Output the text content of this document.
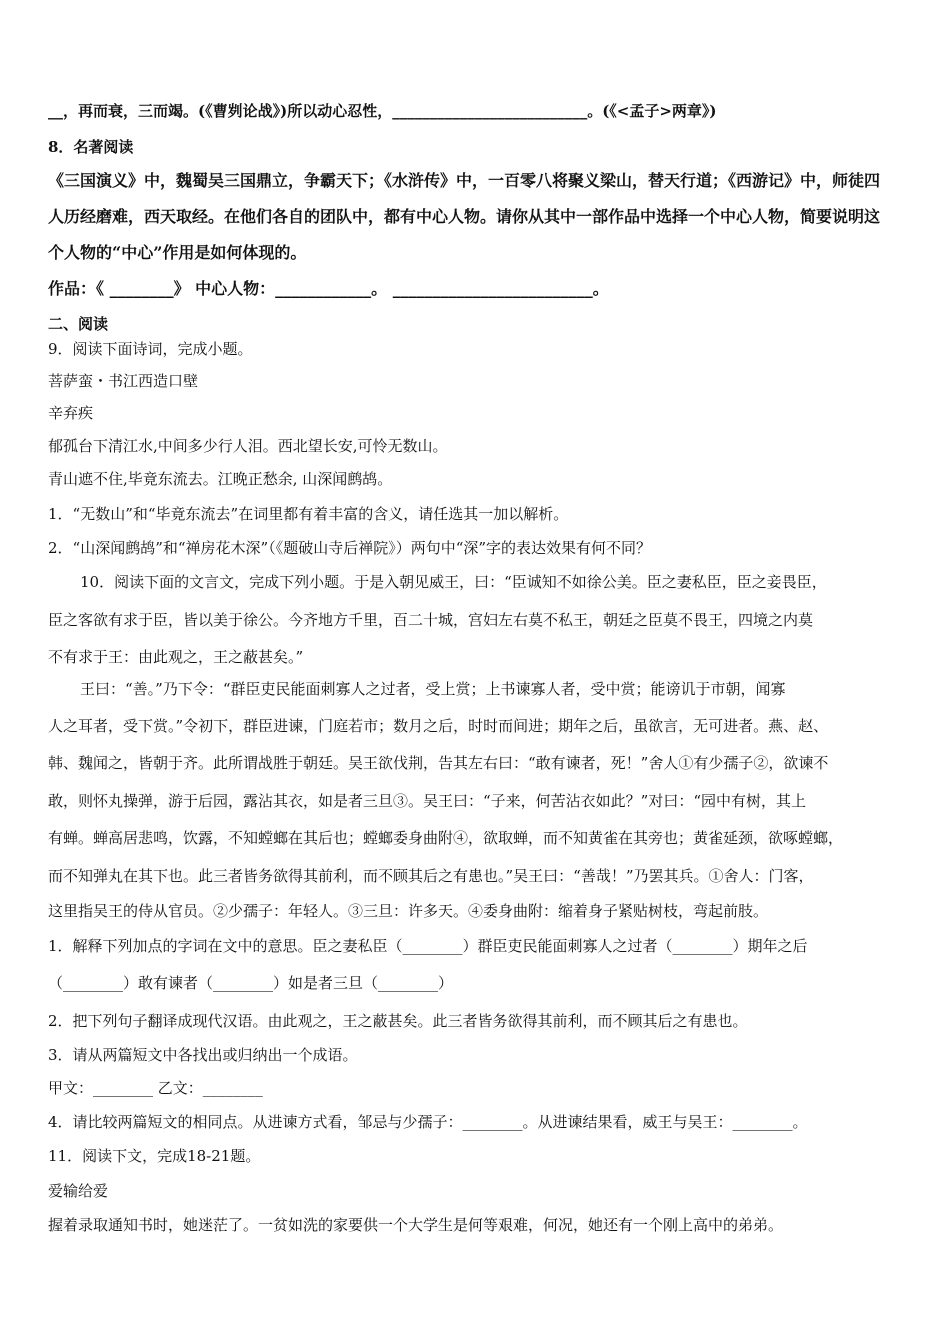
__，再而衰，三而竭。(《曹刿论战》)所以动心忍性，__________________________。(《<孟子>两章》)
8．名著阅读
《三国演义》中，魏蜀吴三国鼎立，争霸天下；《水浒传》中，一百零八将聚义梁山，替天行道；《西游记》中，师徒四
人历经磨难，西天取经。在他们各自的团队中，都有中心人物。请你从其中一部作品中选择一个中心人物，简要说明这
个人物的“中心”作用是如何体现的。
作品：《 ________》 中心人物：____________。 _________________________。
二、阅读
9．阅读下面诗词，完成小题。
菩萨蛮・书江西造口壁
辛弃疾
郁孤台下清江水,中间多少行人泪。西北望长安,可怜无数山。
青山遮不住,毕竟东流去。江晚正愁余, 山深闻鹧鸪。
1．“无数山”和“毕竟东流去”在词里都有着丰富的含义，请任选其一加以解析。
2．“山深闻鹧鸪”和“禅房花木深”（《题破山寺后禅院》）两句中“深”字的表达效果有何不同？
10．阅读下面的文言文，完成下列小题。于是入朝见威王，曰：“臣诚知不如徐公美。臣之妻私臣，臣之妾畏臣，
臣之客欲有求于臣，皆以美于徐公。今齐地方千里，百二十城，宫妇左右莫不私王，朝廷之臣莫不畏王，四境之内莫
不有求于王：由此观之，王之蔽甚矣。”
王曰：“善。”乃下令：“群臣吏民能面刺寡人之过者，受上赏；上书谏寡人者，受中赏；能谤讥于市朝，闻寡
人之耳者，受下赏。”令初下，群臣进谏，门庭若市；数月之后，时时而间进；期年之后，虽欲言，无可进者。燕、赵、
韩、魏闻之，皆朝于齐。此所谓战胜于朝廷。吴王欲伐荆，告其左右曰：“敢有谏者，死！”舍人①有少孺子②，欲谏不
敢，则怀丸操弹，游于后园，露沾其衣，如是者三旦③。吴王曰：“子来，何苦沾衣如此？”对曰：“园中有树，其上
有蝉。蝉高居悲鸣，饮露，不知螳螂在其后也；螳螂委身曲附④，欲取蝉，而不知黄雀在其旁也；黄雀延颈，欲啄螳螂，
而不知弹丸在其下也。此三者皆务欲得其前利，而不顾其后之有患也。”吴王曰：“善哉！”乃罢其兵。①舍人：门客，
这里指吴王的侍从官员。②少孺子：年轻人。③三旦：许多天。④委身曲附：缩着身子紧贴树枝，弯起前肢。
1．解释下列加点的字词在文中的意思。臣之妻私臣（________）群臣吏民能面刺寡人之过者（________）期年之后
（________）敢有谏者（________）如是者三旦（________）
2．把下列句子翻译成现代汉语。由此观之，王之蔽甚矣。此三者皆务欲得其前利，而不顾其后之有患也。
3．请从两篇短文中各找出或归纳出一个成语。
甲文：________ 乙文：________
4．请比较两篇短文的相同点。从进谏方式看，邹忌与少孺子：________。从进谏结果看，威王与吴王：________。
11．阅读下文，完成18-21题。
爱输给爱
握着录取通知书时，她迷茫了。一贫如洗的家要供一个大学生是何等艰难，何况，她还有一个刚上高中的弟弟。
